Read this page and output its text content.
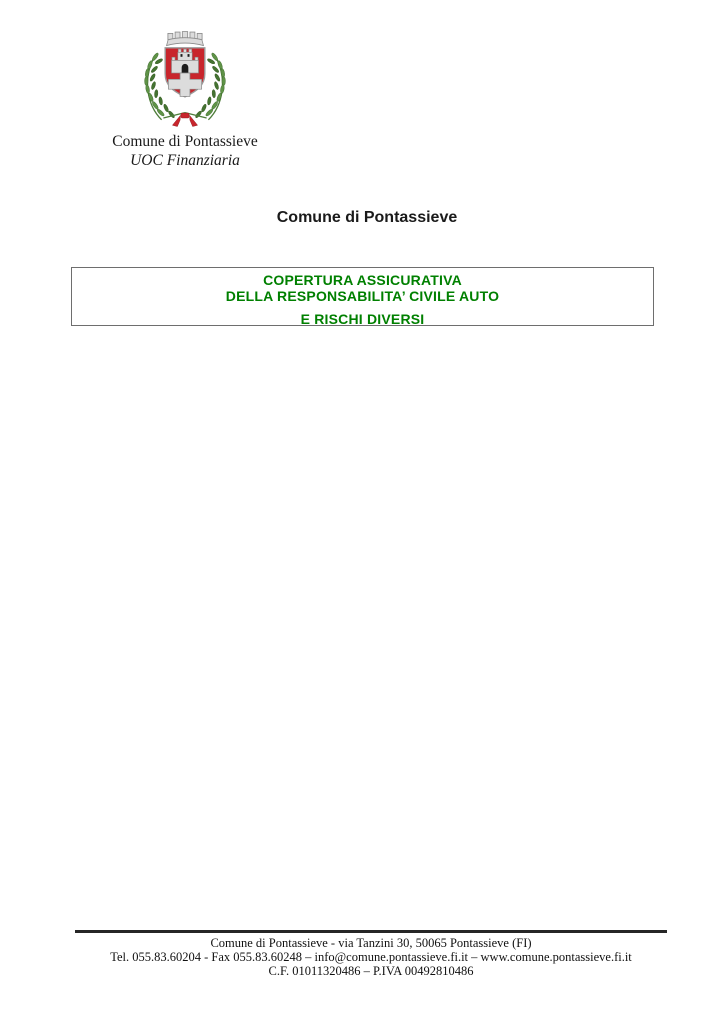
Comune di Pontassieve
UOC Finanziaria
Comune di Pontassieve
COPERTURA ASSICURATIVA
DELLA RESPONSABILITA’ CIVILE AUTO
E RISCHI DIVERSI
Comune di Pontassieve - via Tanzini 30, 50065 Pontassieve (FI)
Tel. 055.83.60204 - Fax 055.83.60248 – info@comune.pontassieve.fi.it – www.comune.pontassieve.fi.it
C.F. 01011320486 – P.IVA 00492810486
